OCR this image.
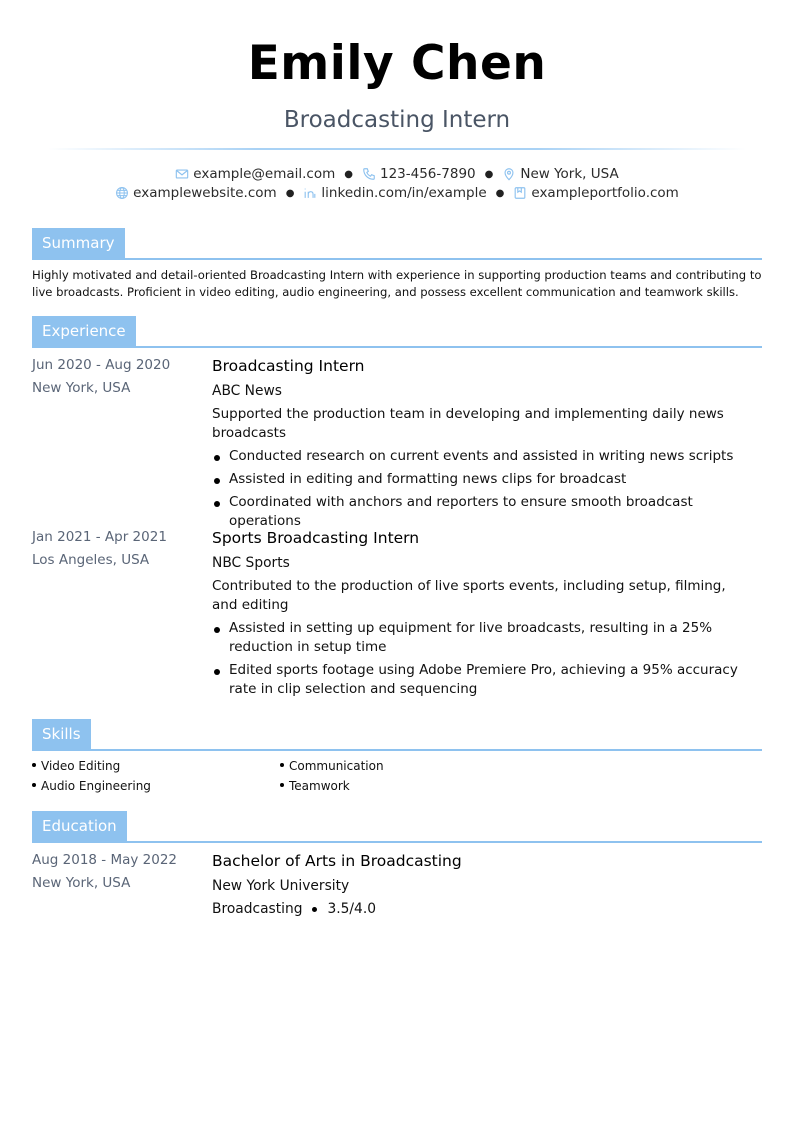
Emily Chen
Broadcasting Intern
example@email.com ● 123-456-7890 ● New York, USA
examplewebsite.com ● linkedin.com/in/example ● exampleportfolio.com
Summary
Highly motivated and detail-oriented Broadcasting Intern with experience in supporting production teams and contributing to live broadcasts. Proficient in video editing, audio engineering, and possess excellent communication and teamwork skills.
Experience
Jun 2020 - Aug 2020
New York, USA
Broadcasting Intern
ABC News
Supported the production team in developing and implementing daily news broadcasts
Conducted research on current events and assisted in writing news scripts
Assisted in editing and formatting news clips for broadcast
Coordinated with anchors and reporters to ensure smooth broadcast operations
Jan 2021 - Apr 2021
Los Angeles, USA
Sports Broadcasting Intern
NBC Sports
Contributed to the production of live sports events, including setup, filming, and editing
Assisted in setting up equipment for live broadcasts, resulting in a 25% reduction in setup time
Edited sports footage using Adobe Premiere Pro, achieving a 95% accuracy rate in clip selection and sequencing
Skills
Video Editing	Communication
Audio Engineering	Teamwork
Education
Aug 2018 - May 2022
New York, USA
Bachelor of Arts in Broadcasting
New York University
Broadcasting 3.5/4.0
